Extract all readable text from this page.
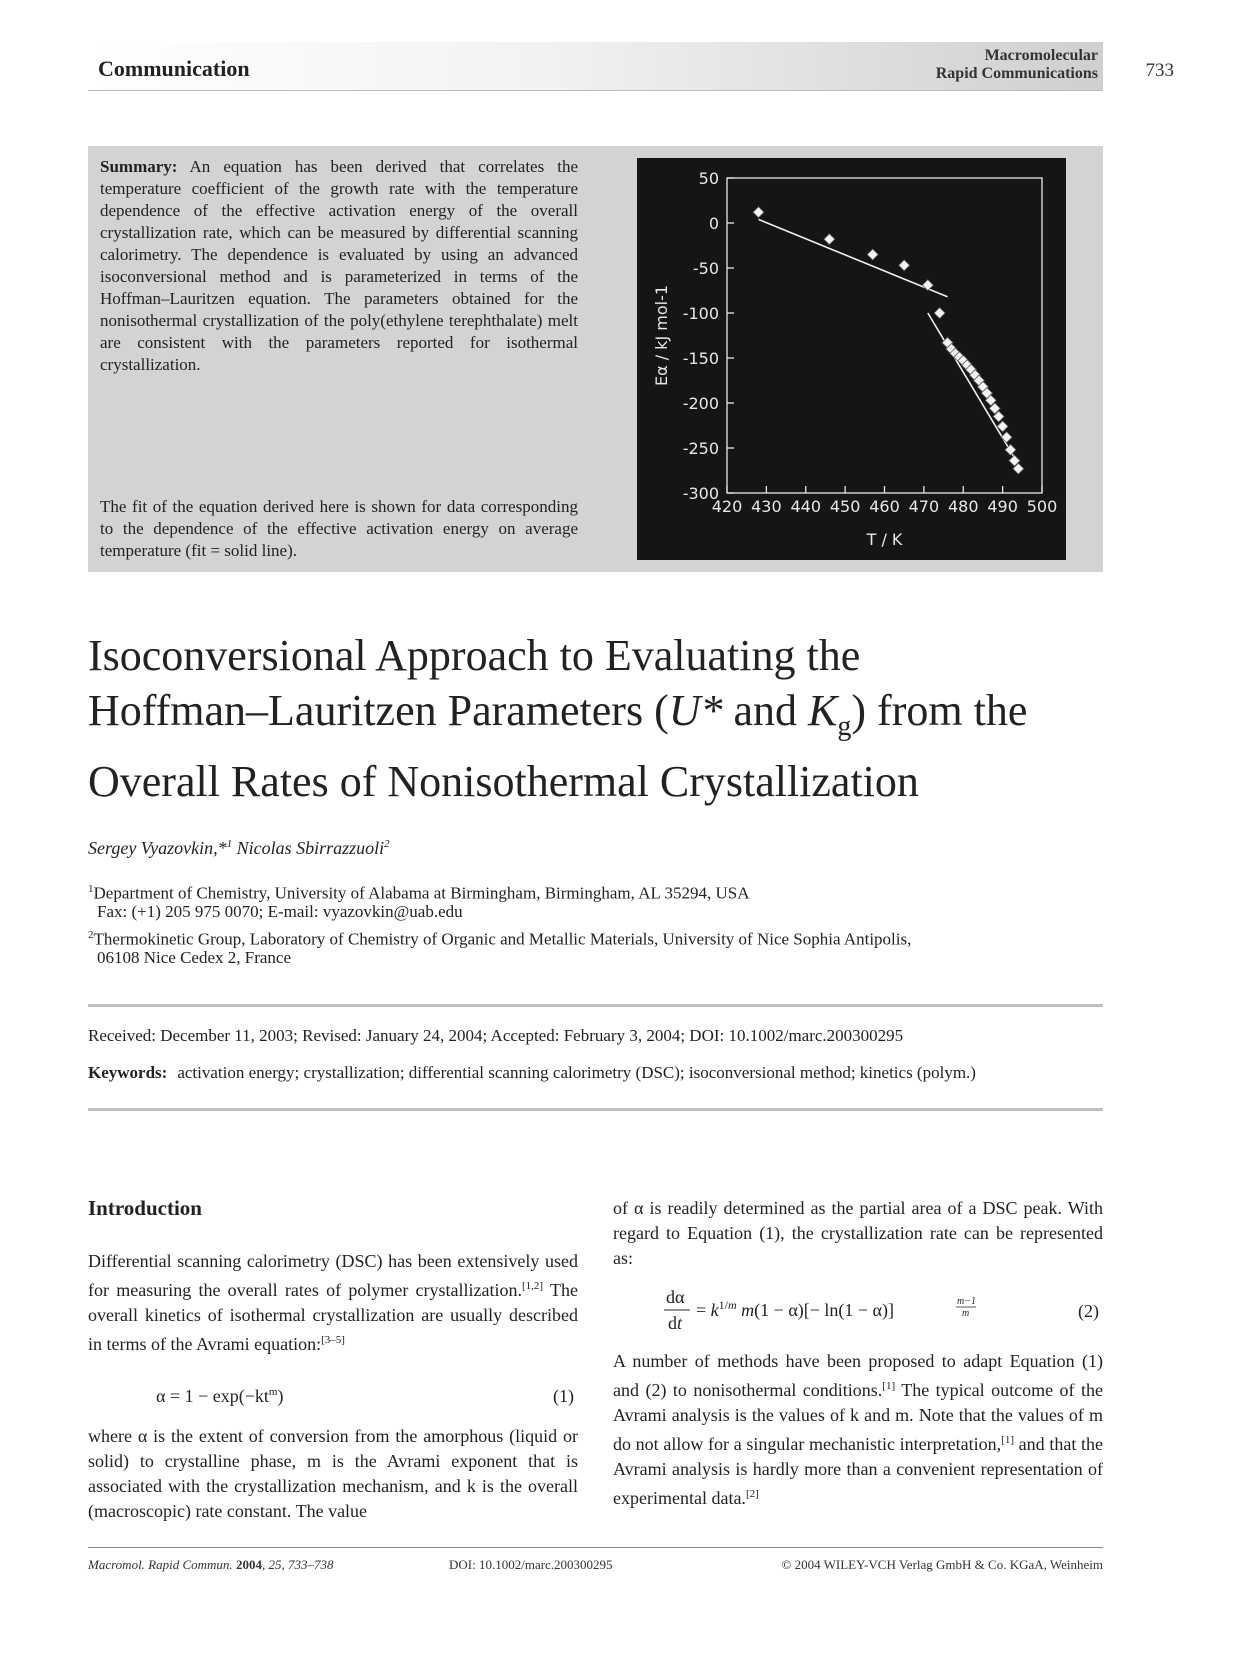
Communication
Macromolecular
Rapid Communications	733
Summary: An equation has been derived that correlates the temperature coefficient of the growth rate with the temperature dependence of the effective activation energy of the overall crystallization rate, which can be measured by differential scanning calorimetry. The dependence is evaluated by using an advanced isoconversional method and is parameterized in terms of the Hoffman–Lauritzen equation. The parameters obtained for the nonisothermal crystallization of the poly(ethylene terephthalate) melt are consistent with the parameters reported for isothermal crystallization.
The fit of the equation derived here is shown for data corresponding to the dependence of the effective activation energy on average temperature (fit = solid line).
50
0
-50
-100
-150
-200
-250
-300
420 430 440 450 460 470 480 490 500
T / K
Eα / kJ mol-1
Isoconversional Approach to Evaluating the
Hoffman–Lauritzen Parameters (U* and $K_g$) from the
Overall Rates of Nonisothermal Crystallization
Sergey Vyazovkin,*$^1$ Nicolas Sbirrazzuoli$^2$
$^1$Department of Chemistry, University of Alabama at Birmingham, Birmingham, AL 35294, USA
Fax: (+1) 205 975 0070; E-mail: vyazovkin@uab.edu
$^2$Thermokinetic Group, Laboratory of Chemistry of Organic and Metallic Materials, University of Nice Sophia Antipolis,
06108 Nice Cedex 2, France
Received: December 11, 2003; Revised: January 24, 2004; Accepted: February 3, 2004; DOI: 10.1002/marc.200300295
Keywords: activation energy; crystallization; differential scanning calorimetry (DSC); isoconversional method; kinetics (polym.)
Introduction
Differential scanning calorimetry (DSC) has been extensively used for measuring the overall rates of polymer crystallization.[1,2] The overall kinetics of isothermal crystallization are usually described in terms of the Avrami equation:[3–5]
$\alpha = 1 - \exp(-kt^m)$	(1)
where α is the extent of conversion from the amorphous (liquid or solid) to crystalline phase, m is the Avrami exponent that is associated with the crystallization mechanism, and k is the overall (macroscopic) rate constant. The value
of α is readily determined as the partial area of a DSC peak. With regard to Equation (1), the crystallization rate can be represented as:
dα
dt
= $k^{1/m}$ m(1 − α)[− ln(1 − α)]	m−1
m	(2)
A number of methods have been proposed to adapt Equation (1) and (2) to nonisothermal conditions.[1] The typical outcome of the Avrami analysis is the values of k and m. Note that the values of m do not allow for a singular mechanistic interpretation,[1] and that the Avrami analysis is hardly more than a convenient representation of experimental data.[2]
Macromol. Rapid Commun. 2004, 25, 733–738	DOI: 10.1002/marc.200300295	© 2004 WILEY-VCH Verlag GmbH & Co. KGaA, Weinheim
